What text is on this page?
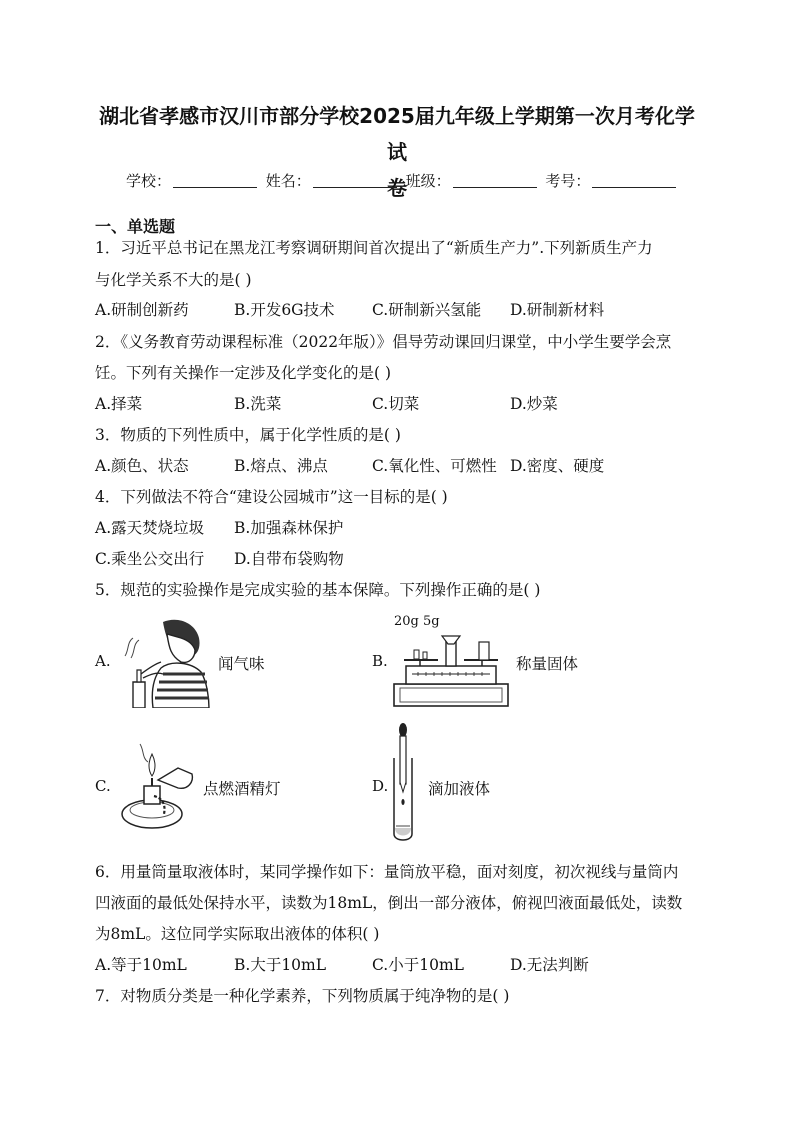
湖北省孝感市汉川市部分学校2025届九年级上学期第一次月考化学试
卷
学校：	姓名：	班级：	考号：
一、单选题
1．习近平总书记在黑龙江考察调研期间首次提出了“新质生产力”.下列新质生产力
与化学关系不大的是( )
A.研制创新药	B.开发6G技术 C.研制新兴氢能 D.研制新材料
2．《义务教育劳动课程标准（2022年版）》倡导劳动课回归课堂，中小学生要学会烹
饪。下列有关操作一定涉及化学变化的是( )
A.择菜	B.洗菜	C.切菜	D.炒菜
3．物质的下列性质中，属于化学性质的是( )
A.颜色、状态	B.熔点、沸点	C.氧化性、可燃性 D.密度、硬度
4．下列做法不符合“建设公园城市”这一目标的是( )
A.露天焚烧垃圾 B.加强森林保护
C.乘坐公交出行 D.自带布袋购物
5．规范的实验操作是完成实验的基本保障。下列操作正确的是( )
A.	闻气味	B.
20g 5g
称量固体
C.	点燃酒精灯	D.	滴加液体
6．用量筒量取液体时，某同学操作如下：量筒放平稳，面对刻度，初次视线与量筒内
凹液面的最低处保持水平，读数为18mL，倒出一部分液体，俯视凹液面最低处，读数
为8mL。这位同学实际取出液体的体积( )
A.等于10mL	B.大于10mL	C.小于10mL	D.无法判断
7．对物质分类是一种化学素养，下列物质属于纯净物的是( )
